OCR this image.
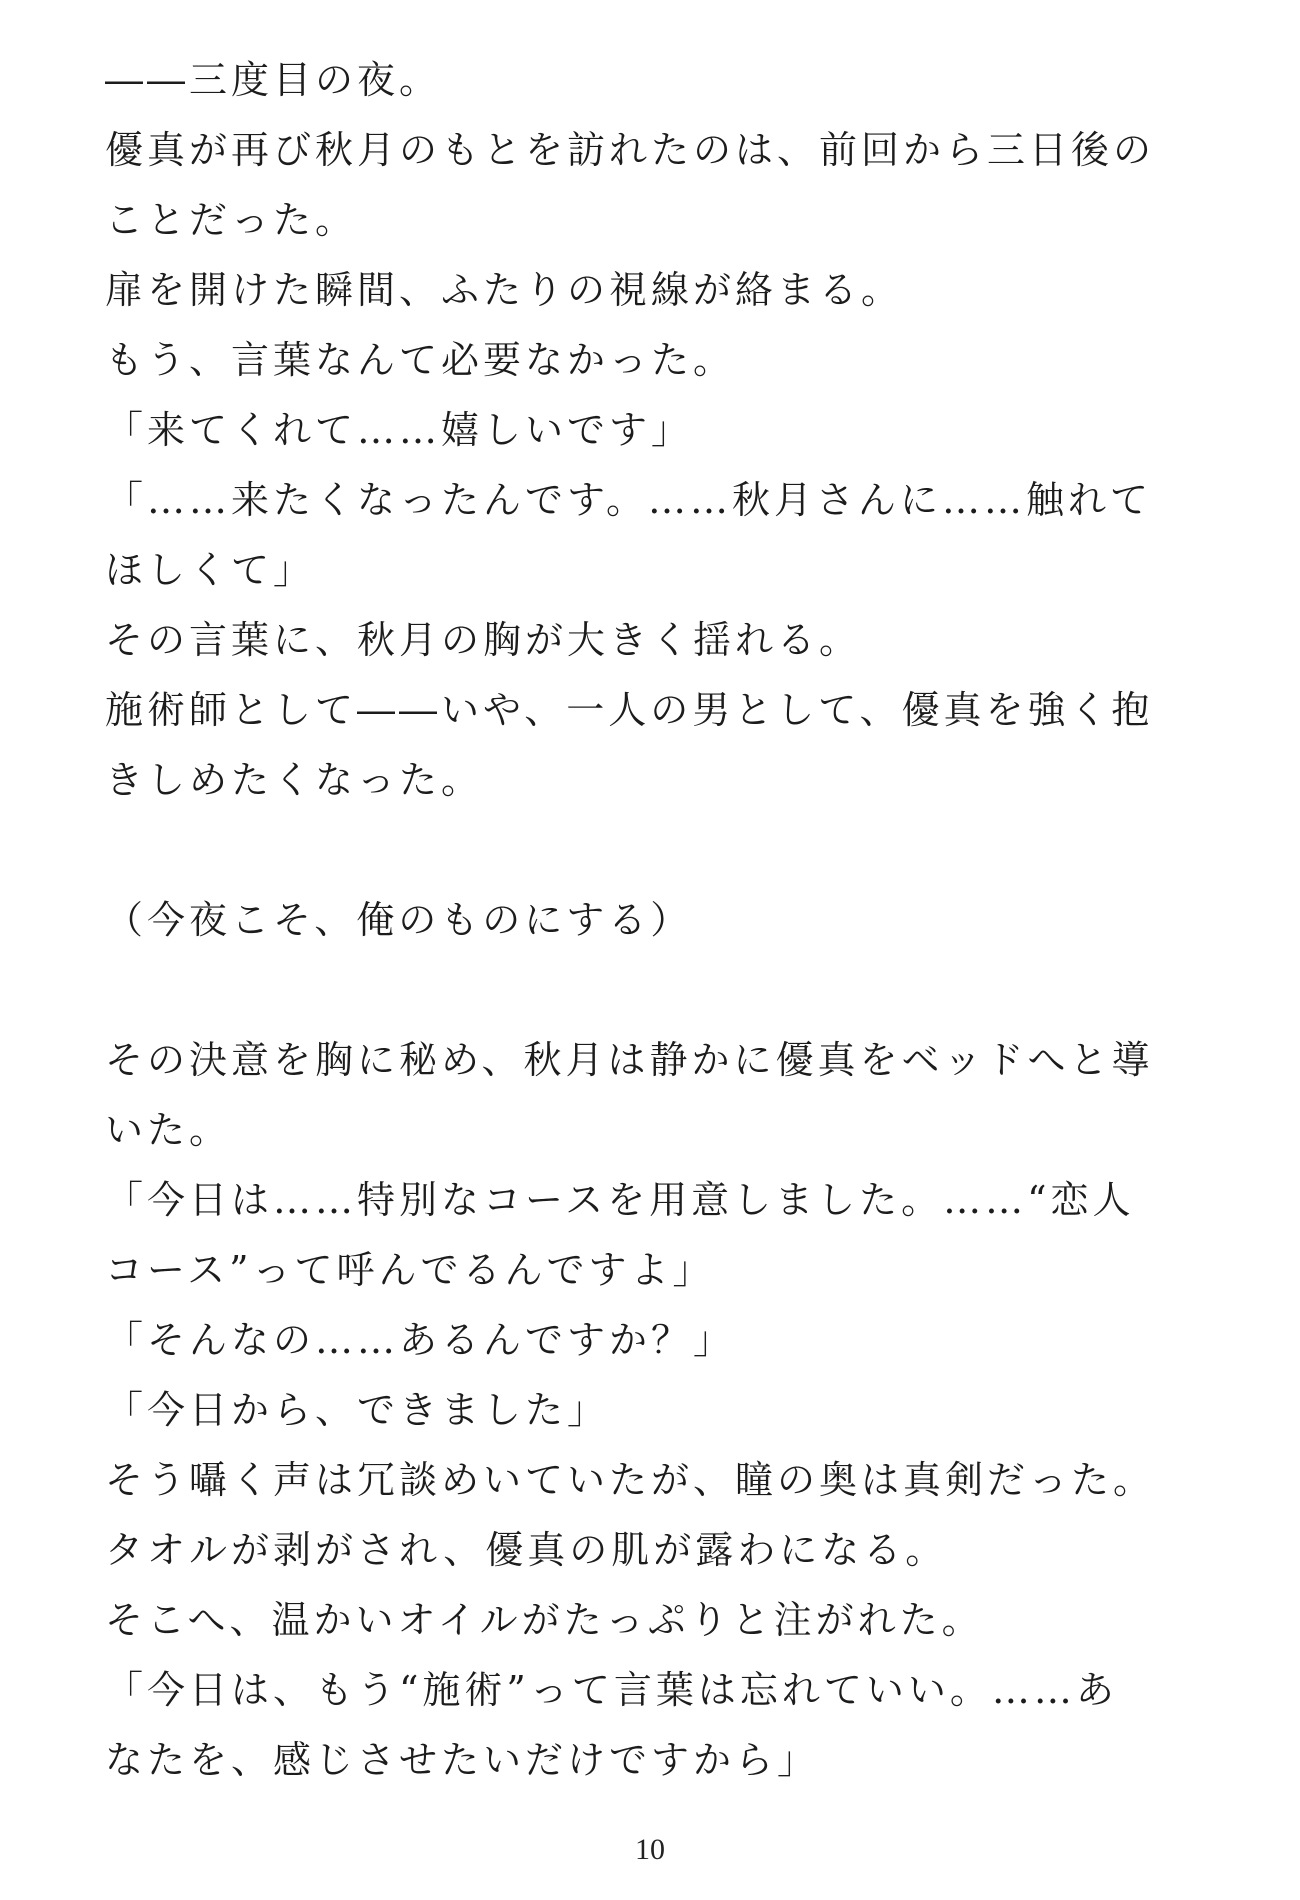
――三度目の夜。

優真が再び秋月のもとを訪れたのは、前回から三日後の

ことだった。

扉を開けた瞬間、ふたりの視線が絡まる。

もう、言葉なんて必要なかった。

「来てくれて……嬉しいです」

「……来たくなったんです。……秋月さんに……触れて

ほしくて」

その言葉に、秋月の胸が大きく揺れる。

施術師として――いや、一人の男として、優真を強く抱

きしめたくなった。

（今夜こそ、俺のものにする）

その決意を胸に秘め、秋月は静かに優真をベッドへと導

いた。

「今日は……特別なコースを用意しました。……“恋人

コース”って呼んでるんですよ」

「そんなの……あるんですか？」

「今日から、できました」

そう囁く声は冗談めいていたが、瞳の奥は真剣だった。

タオルが剥がされ、優真の肌が露わになる。

そこへ、温かいオイルがたっぷりと注がれた。

「今日は、もう“施術”って言葉は忘れていい。……あ

なたを、感じさせたいだけですから」

10
